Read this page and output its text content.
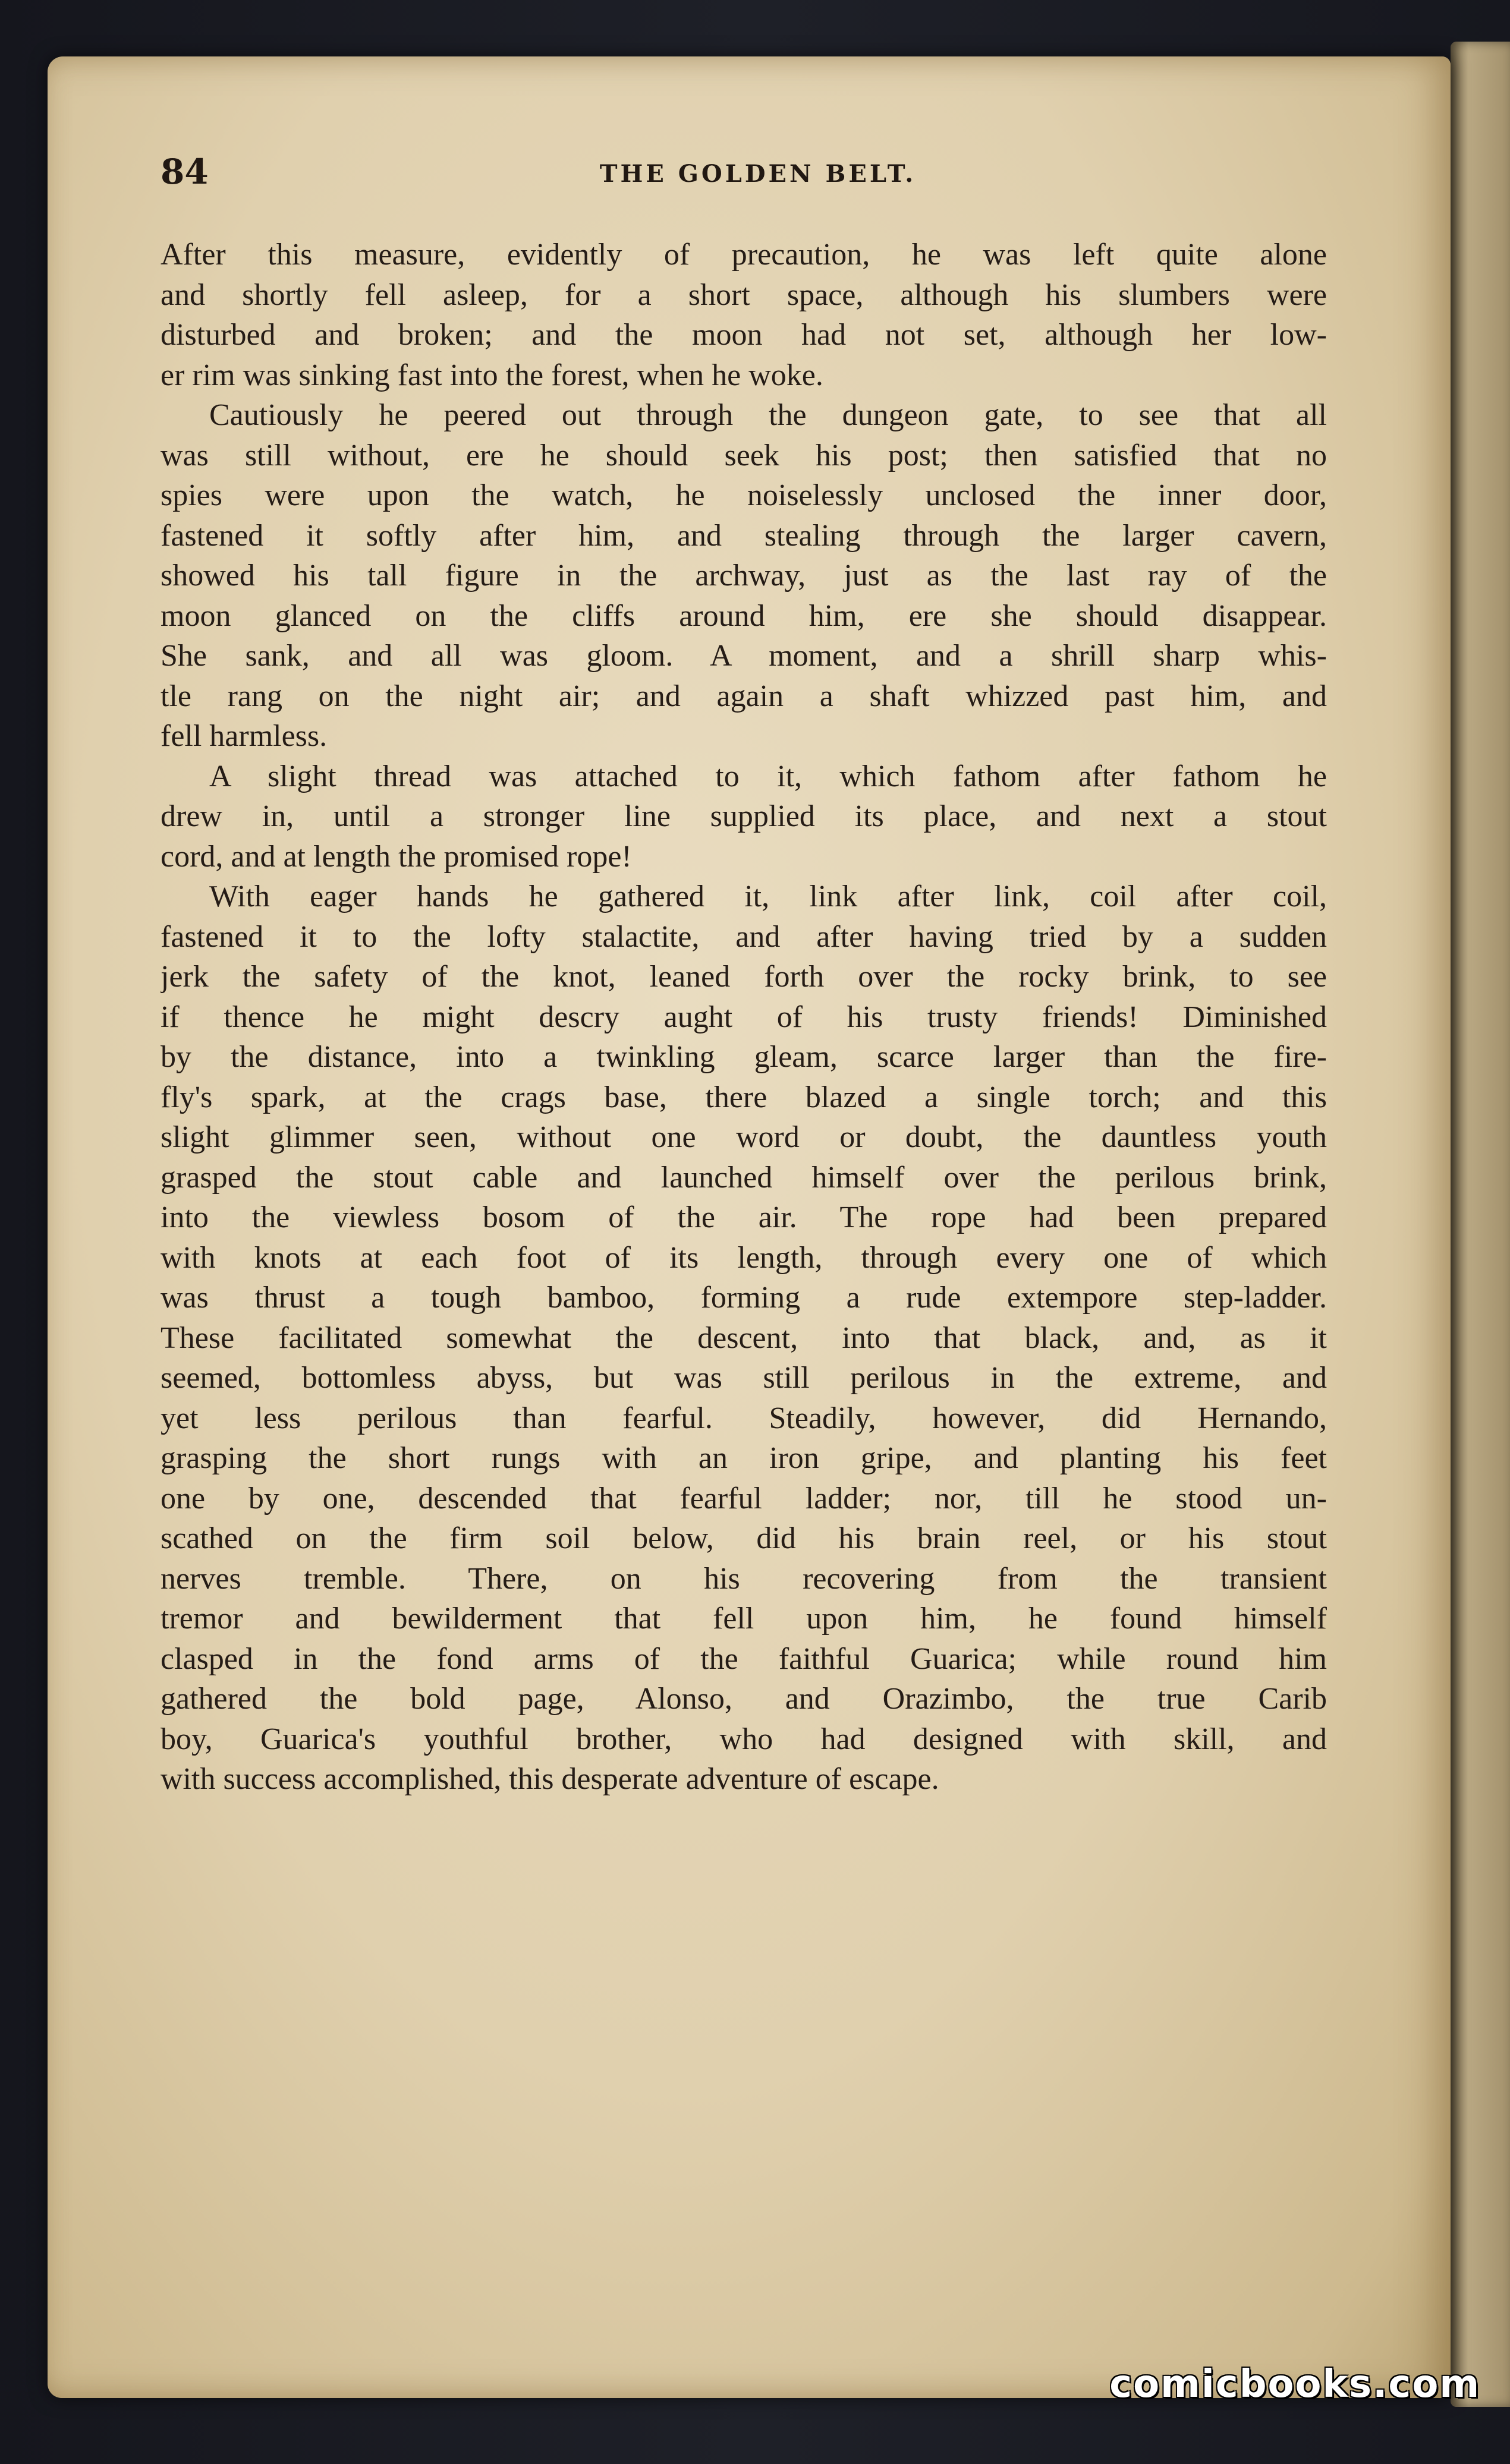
84	THE GOLDEN BELT.
After this measure, evidently of precaution, he was left quite alone
and shortly fell asleep, for a short space, although his slumbers were
disturbed and broken; and the moon had not set, although her low-
er rim was sinking fast into the forest, when he woke.
Cautiously he peered out through the dungeon gate, to see that all
was still without, ere he should seek his post; then satisfied that no
spies were upon the watch, he noiselessly unclosed the inner door,
fastened it softly after him, and stealing through the larger cavern,
showed his tall figure in the archway, just as the last ray of the
moon glanced on the cliffs around him, ere she should disappear.
She sank, and all was gloom. A moment, and a shrill sharp whis-
tle rang on the night air; and again a shaft whizzed past him, and
fell harmless.
A slight thread was attached to it, which fathom after fathom he
drew in, until a stronger line supplied its place, and next a stout
cord, and at length the promised rope!
With eager hands he gathered it, link after link, coil after coil,
fastened it to the lofty stalactite, and after having tried by a sudden
jerk the safety of the knot, leaned forth over the rocky brink, to see
if thence he might descry aught of his trusty friends! Diminished
by the distance, into a twinkling gleam, scarce larger than the fire-
fly's spark, at the crags base, there blazed a single torch; and this
slight glimmer seen, without one word or doubt, the dauntless youth
grasped the stout cable and launched himself over the perilous brink,
into the viewless bosom of the air. The rope had been prepared
with knots at each foot of its length, through every one of which
was thrust a tough bamboo, forming a rude extempore step-ladder.
These facilitated somewhat the descent, into that black, and, as it
seemed, bottomless abyss, but was still perilous in the extreme, and
yet less perilous than fearful. Steadily, however, did Hernando,
grasping the short rungs with an iron gripe, and planting his feet
one by one, descended that fearful ladder; nor, till he stood un-
scathed on the firm soil below, did his brain reel, or his stout
nerves tremble. There, on his recovering from the transient
tremor and bewilderment that fell upon him, he found himself
clasped in the fond arms of the faithful Guarica; while round him
gathered the bold page, Alonso, and Orazimbo, the true Carib
boy, Guarica's youthful brother, who had designed with skill, and
with success accomplished, this desperate adventure of escape.
comicbooks.com
